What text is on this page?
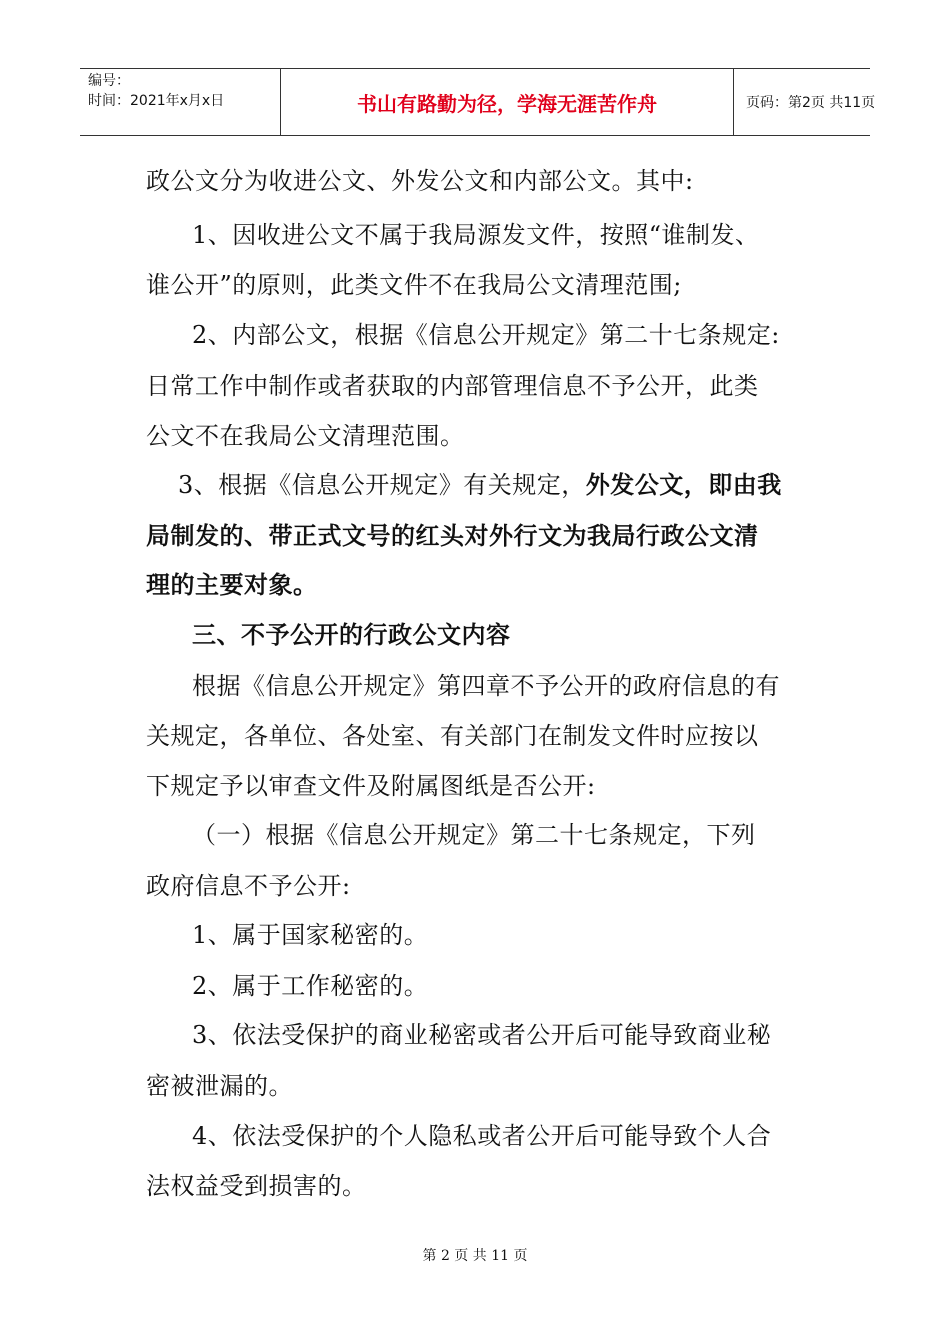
编号：
时间：2021年x月x日	书山有路勤为径，学海无涯苦作舟	页码：第2页 共11页
政公文分为收进公文、外发公文和内部公文。其中:
1、因收进公文不属于我局源发文件，按照“谁制发、
谁公开”的原则，此类文件不在我局公文清理范围;
2、内部公文，根据《信息公开规定》第二十七条规定:
日常工作中制作或者获取的内部管理信息不予公开，此类
公文不在我局公文清理范围。
3、根据《信息公开规定》有关规定，外发公文，即由我
局制发的、带正式文号的红头对外行文为我局行政公文清
理的主要对象。
三、不予公开的行政公文内容
根据《信息公开规定》第四章不予公开的政府信息的有
关规定，各单位、各处室、有关部门在制发文件时应按以
下规定予以审查文件及附属图纸是否公开:
（一）根据《信息公开规定》第二十七条规定，下列
政府信息不予公开:
1、属于国家秘密的。
2、属于工作秘密的。
3、依法受保护的商业秘密或者公开后可能导致商业秘
密被泄漏的。
4、依法受保护的个人隐私或者公开后可能导致个人合
法权益受到损害的。
第 2 页 共 11 页
